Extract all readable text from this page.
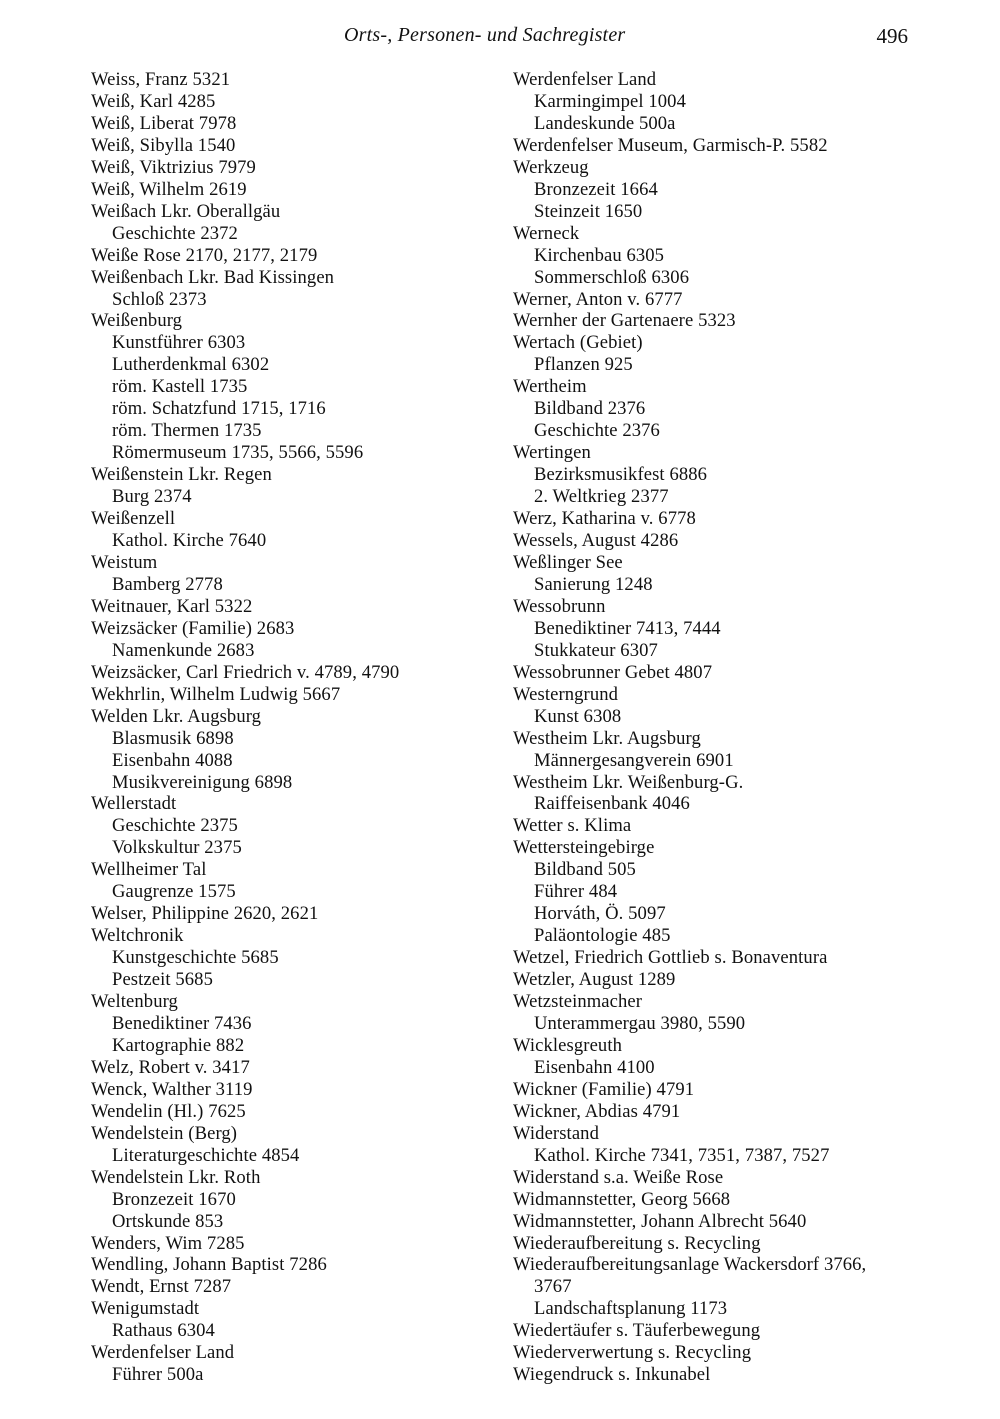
Orts-, Personen- und Sachregister	496
Weiss, Franz 5321
Weiß, Karl 4285
Weiß, Liberat 7978
Weiß, Sibylla 1540
Weiß, Viktrizius 7979
Weiß, Wilhelm 2619
Weißach Lkr. Oberallgäu
Geschichte 2372
Weiße Rose 2170, 2177, 2179
Weißenbach Lkr. Bad Kissingen
Schloß 2373
Weißenburg
Kunstführer 6303
Lutherdenkmal 6302
röm. Kastell 1735
röm. Schatzfund 1715, 1716
röm. Thermen 1735
Römermuseum 1735, 5566, 5596
Weißenstein Lkr. Regen
Burg 2374
Weißenzell
Kathol. Kirche 7640
Weistum
Bamberg 2778
Weitnauer, Karl 5322
Weizsäcker (Familie) 2683
Namenkunde 2683
Weizsäcker, Carl Friedrich v. 4789, 4790
Wekhrlin, Wilhelm Ludwig 5667
Welden Lkr. Augsburg
Blasmusik 6898
Eisenbahn 4088
Musikvereinigung 6898
Wellerstadt
Geschichte 2375
Volkskultur 2375
Wellheimer Tal
Gaugrenze 1575
Welser, Philippine 2620, 2621
Weltchronik
Kunstgeschichte 5685
Pestzeit 5685
Weltenburg
Benediktiner 7436
Kartographie 882
Welz, Robert v. 3417
Wenck, Walther 3119
Wendelin (Hl.) 7625
Wendelstein (Berg)
Literaturgeschichte 4854
Wendelstein Lkr. Roth
Bronzezeit 1670
Ortskunde 853
Wenders, Wim 7285
Wendling, Johann Baptist 7286
Wendt, Ernst 7287
Wenigumstadt
Rathaus 6304
Werdenfelser Land
Führer 500a
Werdenfelser Land
Karmingimpel 1004
Landeskunde 500a
Werdenfelser Museum, Garmisch-P. 5582
Werkzeug
Bronzezeit 1664
Steinzeit 1650
Werneck
Kirchenbau 6305
Sommerschloß 6306
Werner, Anton v. 6777
Wernher der Gartenaere 5323
Wertach (Gebiet)
Pflanzen 925
Wertheim
Bildband 2376
Geschichte 2376
Wertingen
Bezirksmusikfest 6886
2. Weltkrieg 2377
Werz, Katharina v. 6778
Wessels, August 4286
Weßlinger See
Sanierung 1248
Wessobrunn
Benediktiner 7413, 7444
Stukkateur 6307
Wessobrunner Gebet 4807
Westerngrund
Kunst 6308
Westheim Lkr. Augsburg
Männergesangverein 6901
Westheim Lkr. Weißenburg-G.
Raiffeisenbank 4046
Wetter s. Klima
Wettersteingebirge
Bildband 505
Führer 484
Horváth, Ö. 5097
Paläontologie 485
Wetzel, Friedrich Gottlieb s. Bonaventura
Wetzler, August 1289
Wetzsteinmacher
Unterammergau 3980, 5590
Wicklesgreuth
Eisenbahn 4100
Wickner (Familie) 4791
Wickner, Abdias 4791
Widerstand
Kathol. Kirche 7341, 7351, 7387, 7527
Widerstand s.a. Weiße Rose
Widmannstetter, Georg 5668
Widmannstetter, Johann Albrecht 5640
Wiederaufbereitung s. Recycling
Wiederaufbereitungsanlage Wackersdorf 3766,
3767
Landschaftsplanung 1173
Wiedertäufer s. Täuferbewegung
Wiederverwertung s. Recycling
Wiegendruck s. Inkunabel
